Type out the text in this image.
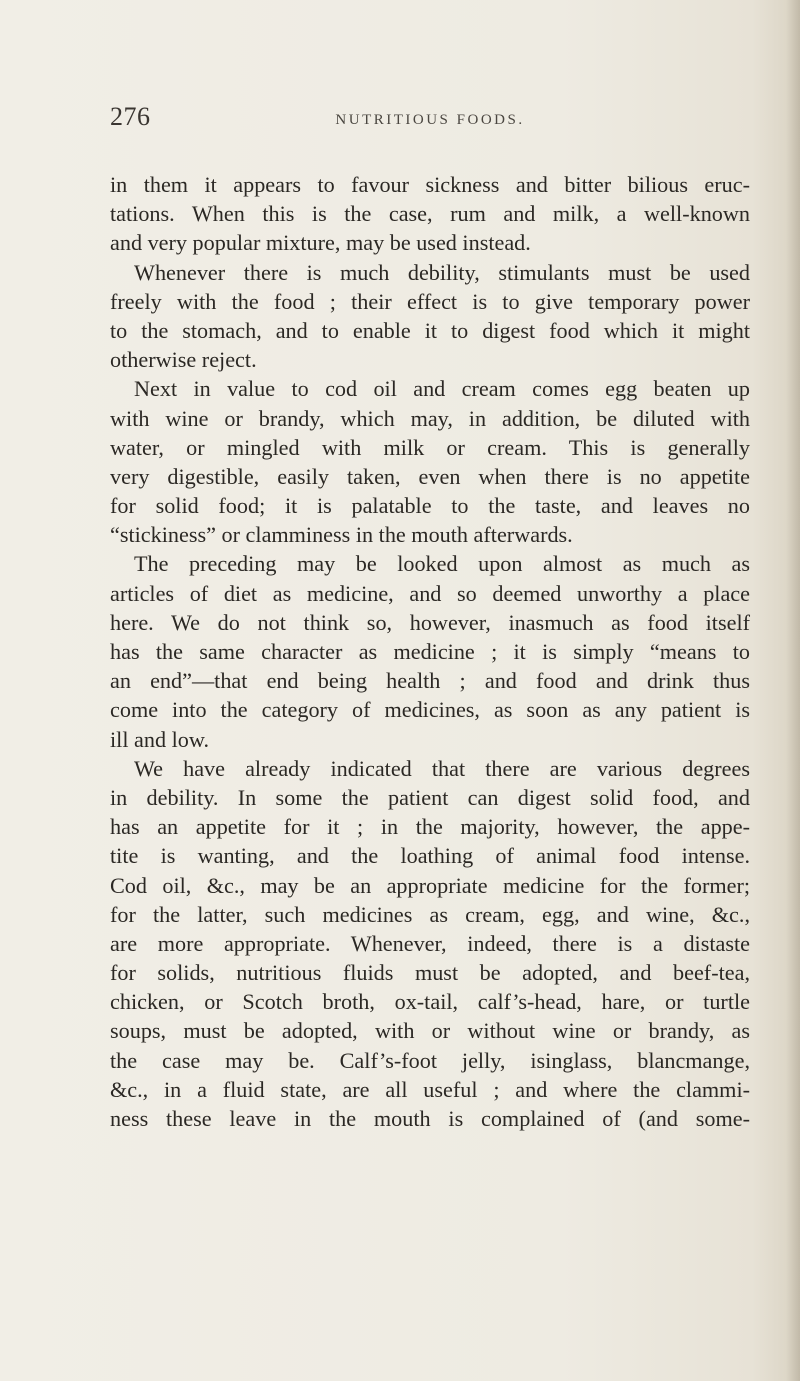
276	NUTRITIOUS FOODS.
in them it appears to favour sickness and bitter bilious eruc-
tations. When this is the case, rum and milk, a well-known
and very popular mixture, may be used instead.
Whenever there is much debility, stimulants must be used
freely with the food ; their effect is to give temporary power
to the stomach, and to enable it to digest food which it might
otherwise reject.
Next in value to cod oil and cream comes egg beaten up
with wine or brandy, which may, in addition, be diluted with
water, or mingled with milk or cream. This is generally
very digestible, easily taken, even when there is no appetite
for solid food; it is palatable to the taste, and leaves no
“stickiness” or clamminess in the mouth afterwards.
The preceding may be looked upon almost as much as
articles of diet as medicine, and so deemed unworthy a place
here. We do not think so, however, inasmuch as food itself
has the same character as medicine ; it is simply “means to
an end”—that end being health ; and food and drink thus
come into the category of medicines, as soon as any patient is
ill and low.
We have already indicated that there are various degrees
in debility. In some the patient can digest solid food, and
has an appetite for it ; in the majority, however, the appe-
tite is wanting, and the loathing of animal food intense.
Cod oil, &c., may be an appropriate medicine for the former;
for the latter, such medicines as cream, egg, and wine, &c.,
are more appropriate. Whenever, indeed, there is a distaste
for solids, nutritious fluids must be adopted, and beef-tea,
chicken, or Scotch broth, ox-tail, calf’s-head, hare, or turtle
soups, must be adopted, with or without wine or brandy, as
the case may be. Calf’s-foot jelly, isinglass, blancmange,
&c., in a fluid state, are all useful ; and where the clammi-
ness these leave in the mouth is complained of (and some-
